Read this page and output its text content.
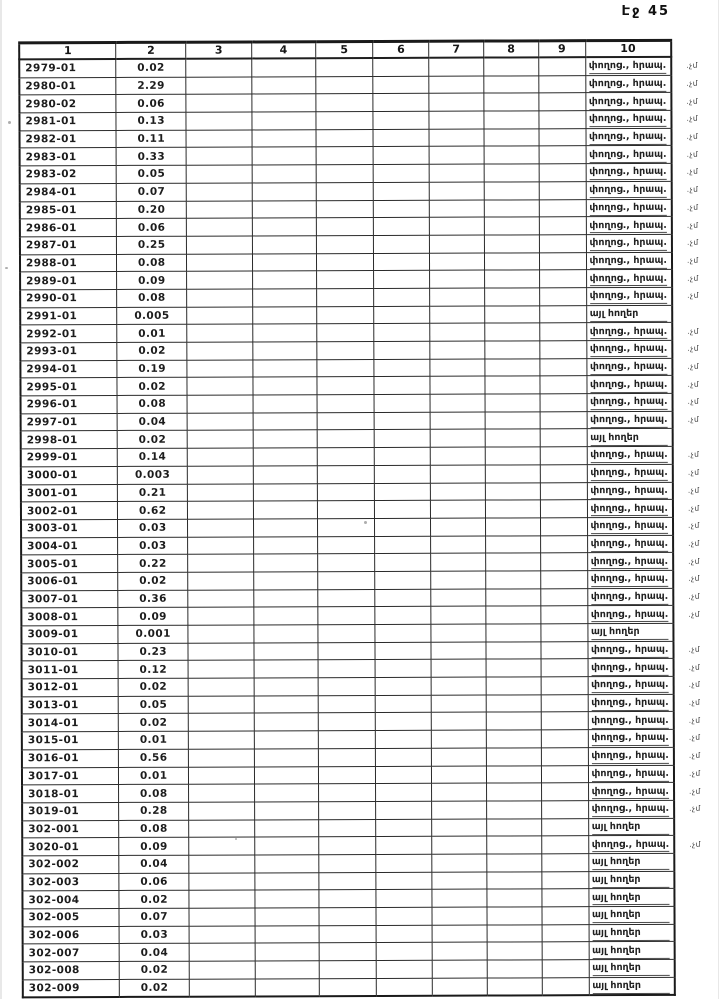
Էջ 45
1	2	3	4	5	6	7	8	9	10	
2979-01	0.02								փողոց., հրապ.	.չմ
2980-01	2.29								փողոց., հրապ.	.չմ
2980-02	0.06								փողոց., հրապ.	.չմ
2981-01	0.13								փողոց., հրապ.	.չմ
2982-01	0.11								փողոց., հրապ.	.չմ
2983-01	0.33								փողոց., հրապ.	.չմ
2983-02	0.05								փողոց., հրապ.	.չմ
2984-01	0.07								փողոց., հրապ.	.չմ
2985-01	0.20								փողոց., հրապ.	.չմ
2986-01	0.06								փողոց., հրապ.	.չմ
2987-01	0.25								փողոց., հրապ.	.չմ
2988-01	0.08								փողոց., հրապ.	.չմ
2989-01	0.09								փողոց., հրապ.	.չմ
2990-01	0.08								փողոց., հրապ.	.չմ
2991-01	0.005								այլ հողեր	
2992-01	0.01								փողոց., հրապ.	.չմ
2993-01	0.02								փողոց., հրապ.	.չմ
2994-01	0.19								փողոց., հրապ.	.չմ
2995-01	0.02								փողոց., հրապ.	.չմ
2996-01	0.08								փողոց., հրապ.	.չմ
2997-01	0.04								փողոց., հրապ.	.չմ
2998-01	0.02								այլ հողեր	
2999-01	0.14								փողոց., հրապ.	.չմ
3000-01	0.003								փողոց., հրապ.	.չմ
3001-01	0.21								փողոց., հրապ.	.չմ
3002-01	0.62								փողոց., հրապ.	.չմ
3003-01	0.03								փողոց., հրապ.	.չմ
3004-01	0.03								փողոց., հրապ.	.չմ
3005-01	0.22								փողոց., հրապ.	.չմ
3006-01	0.02								փողոց., հրապ.	.չմ
3007-01	0.36								փողոց., հրապ.	.չմ
3008-01	0.09								փողոց., հրապ.	.չմ
3009-01	0.001								այլ հողեր	
3010-01	0.23								փողոց., հրապ.	.չմ
3011-01	0.12								փողոց., հրապ.	.չմ
3012-01	0.02								փողոց., հրապ.	.չմ
3013-01	0.05								փողոց., հրապ.	.չմ
3014-01	0.02								փողոց., հրապ.	.չմ
3015-01	0.01								փողոց., հրապ.	.չմ
3016-01	0.56								փողոց., հրապ.	.չմ
3017-01	0.01								փողոց., հրապ.	.չմ
3018-01	0.08								փողոց., հրապ.	.չմ
3019-01	0.28								փողոց., հրապ.	.չմ
302-001	0.08								այլ հողեր	
3020-01	0.09								փողոց., հրապ.	.չմ
302-002	0.04								այլ հողեր	
302-003	0.06								այլ հողեր	
302-004	0.02								այլ հողեր	
302-005	0.07								այլ հողեր	
302-006	0.03								այլ հողեր	
302-007	0.04								այլ հողեր	
302-008	0.02								այլ հողեր	
302-009	0.02								այլ հողեր	
